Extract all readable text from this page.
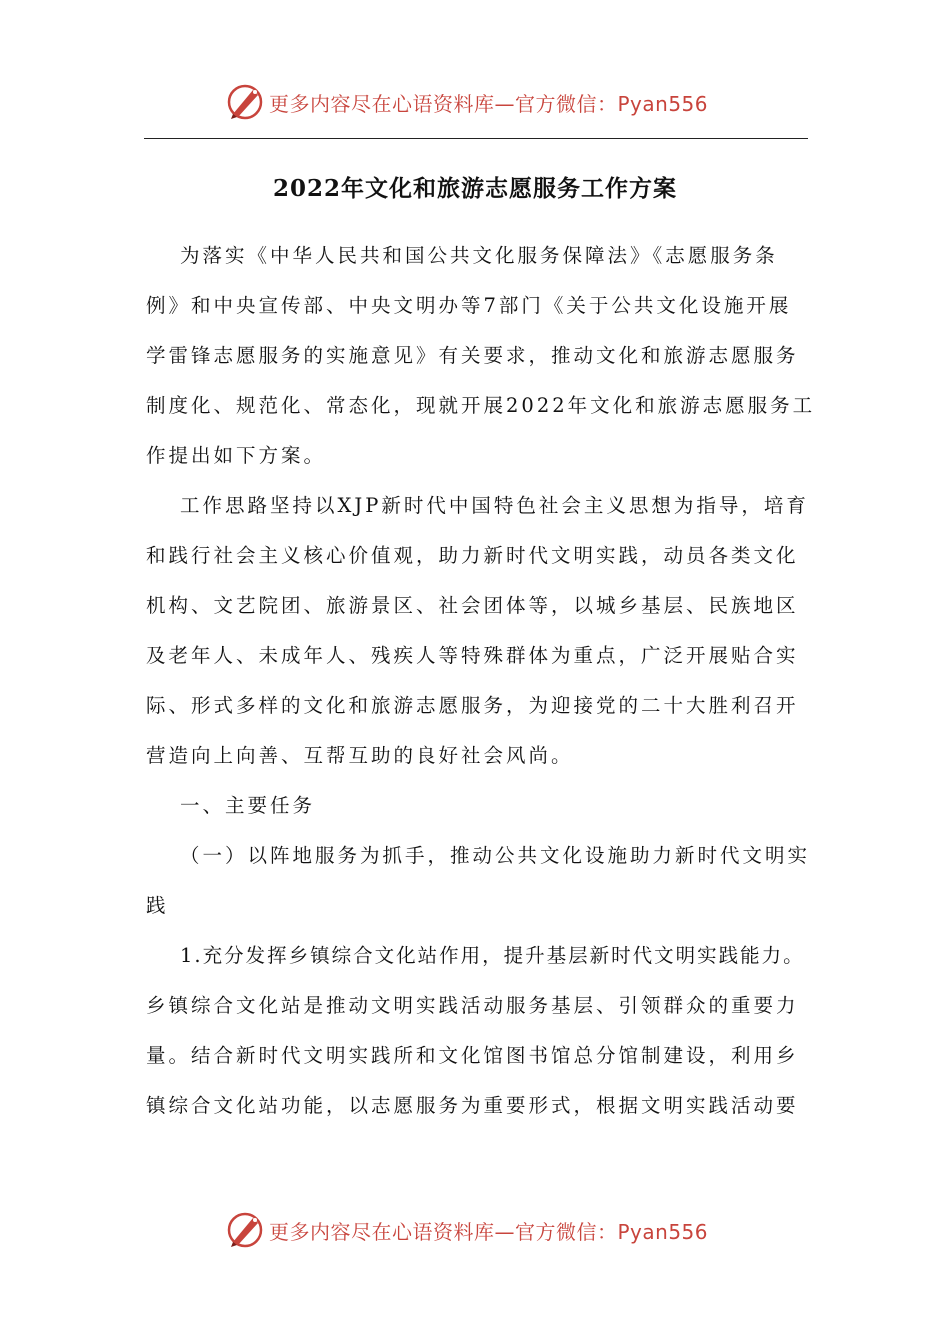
更多内容尽在心语资料库—官方微信：Pyan556
2022年文化和旅游志愿服务工作方案
为落实《中华人民共和国公共文化服务保障法》《志愿服务条
例》和中央宣传部、中央文明办等7部门《关于公共文化设施开展
学雷锋志愿服务的实施意见》有关要求，推动文化和旅游志愿服务
制度化、规范化、常态化，现就开展2022年文化和旅游志愿服务工
作提出如下方案。
工作思路坚持以XJP新时代中国特色社会主义思想为指导，培育
和践行社会主义核心价值观，助力新时代文明实践，动员各类文化
机构、文艺院团、旅游景区、社会团体等，以城乡基层、民族地区
及老年人、未成年人、残疾人等特殊群体为重点，广泛开展贴合实
际、形式多样的文化和旅游志愿服务，为迎接党的二十大胜利召开
营造向上向善、互帮互助的良好社会风尚。
一、主要任务
（一）以阵地服务为抓手，推动公共文化设施助力新时代文明实
践
1.充分发挥乡镇综合文化站作用，提升基层新时代文明实践能力。
乡镇综合文化站是推动文明实践活动服务基层、引领群众的重要力
量。结合新时代文明实践所和文化馆图书馆总分馆制建设，利用乡
镇综合文化站功能，以志愿服务为重要形式，根据文明实践活动要
更多内容尽在心语资料库—官方微信：Pyan556
